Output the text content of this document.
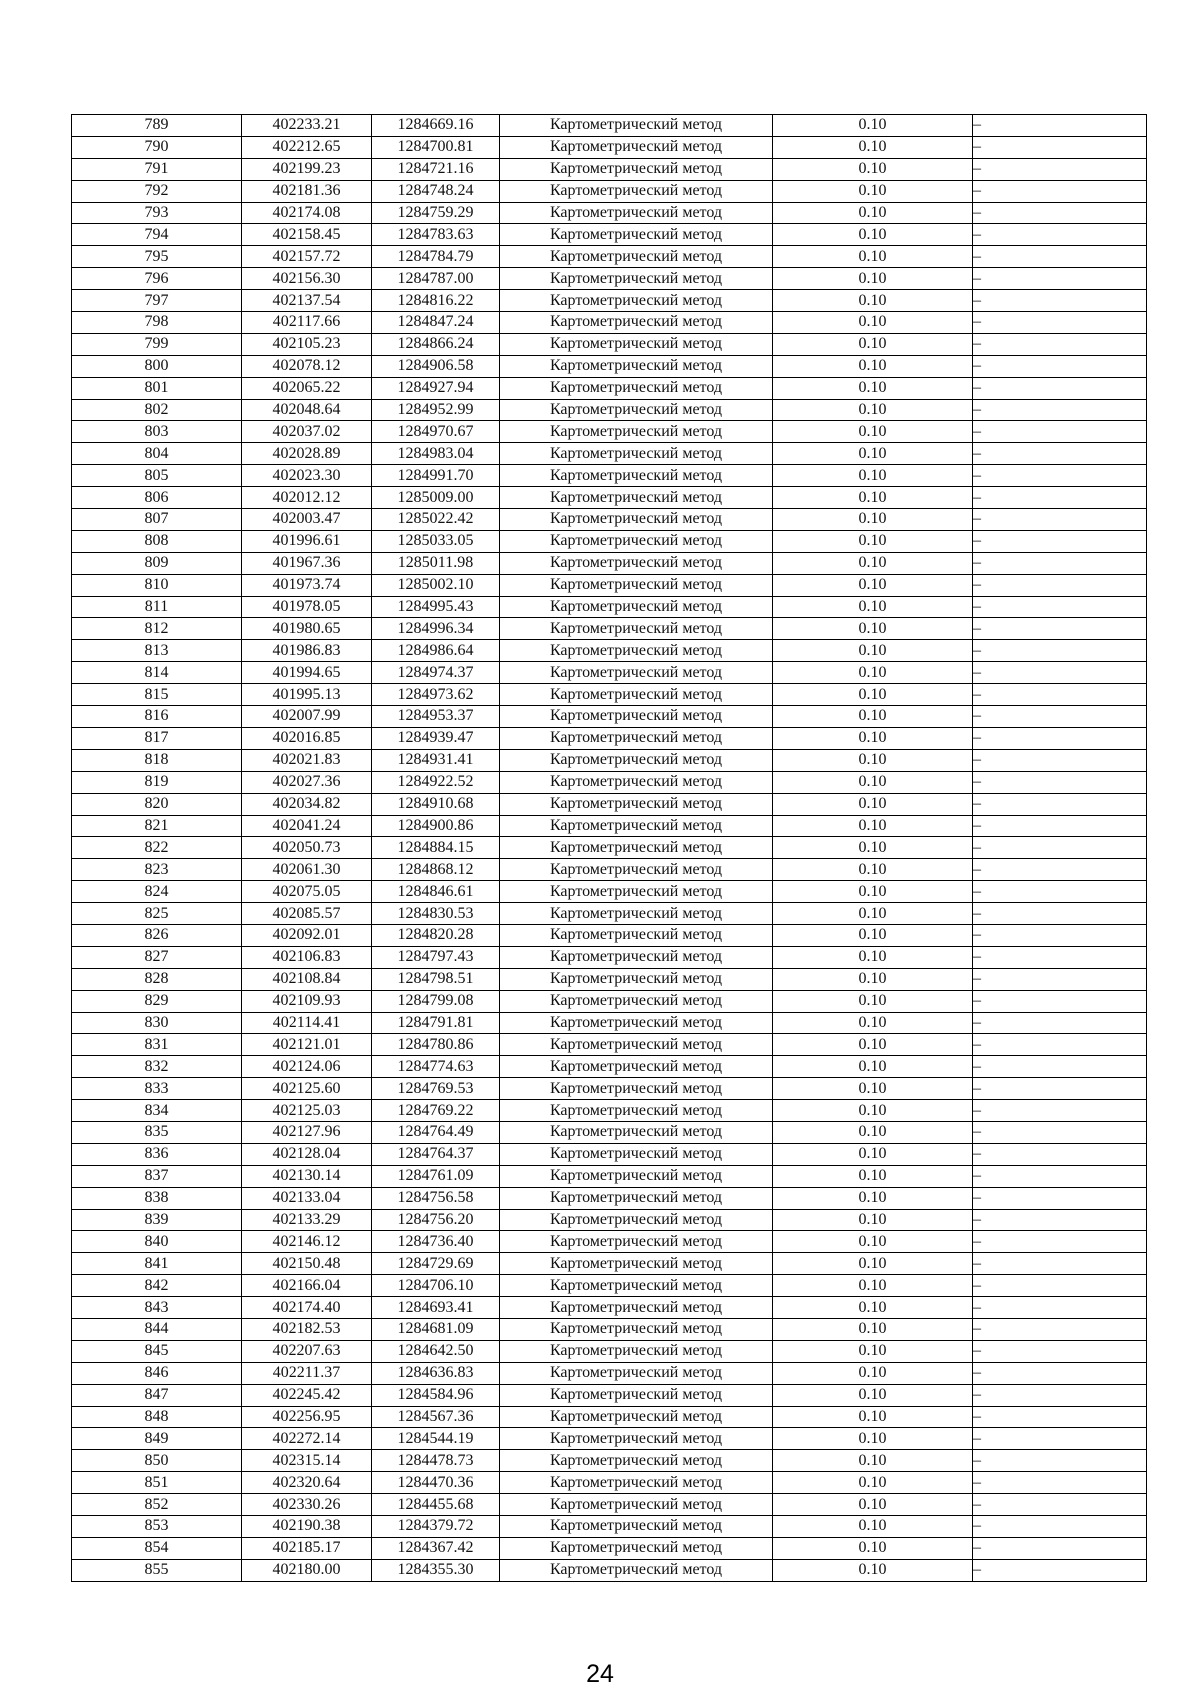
789	402233.21	1284669.16	Картометрический метод	0.10	–
790	402212.65	1284700.81	Картометрический метод	0.10	–
791	402199.23	1284721.16	Картометрический метод	0.10	–
792	402181.36	1284748.24	Картометрический метод	0.10	–
793	402174.08	1284759.29	Картометрический метод	0.10	–
794	402158.45	1284783.63	Картометрический метод	0.10	–
795	402157.72	1284784.79	Картометрический метод	0.10	–
796	402156.30	1284787.00	Картометрический метод	0.10	–
797	402137.54	1284816.22	Картометрический метод	0.10	–
798	402117.66	1284847.24	Картометрический метод	0.10	–
799	402105.23	1284866.24	Картометрический метод	0.10	–
800	402078.12	1284906.58	Картометрический метод	0.10	–
801	402065.22	1284927.94	Картометрический метод	0.10	–
802	402048.64	1284952.99	Картометрический метод	0.10	–
803	402037.02	1284970.67	Картометрический метод	0.10	–
804	402028.89	1284983.04	Картометрический метод	0.10	–
805	402023.30	1284991.70	Картометрический метод	0.10	–
806	402012.12	1285009.00	Картометрический метод	0.10	–
807	402003.47	1285022.42	Картометрический метод	0.10	–
808	401996.61	1285033.05	Картометрический метод	0.10	–
809	401967.36	1285011.98	Картометрический метод	0.10	–
810	401973.74	1285002.10	Картометрический метод	0.10	–
811	401978.05	1284995.43	Картометрический метод	0.10	–
812	401980.65	1284996.34	Картометрический метод	0.10	–
813	401986.83	1284986.64	Картометрический метод	0.10	–
814	401994.65	1284974.37	Картометрический метод	0.10	–
815	401995.13	1284973.62	Картометрический метод	0.10	–
816	402007.99	1284953.37	Картометрический метод	0.10	–
817	402016.85	1284939.47	Картометрический метод	0.10	–
818	402021.83	1284931.41	Картометрический метод	0.10	–
819	402027.36	1284922.52	Картометрический метод	0.10	–
820	402034.82	1284910.68	Картометрический метод	0.10	–
821	402041.24	1284900.86	Картометрический метод	0.10	–
822	402050.73	1284884.15	Картометрический метод	0.10	–
823	402061.30	1284868.12	Картометрический метод	0.10	–
824	402075.05	1284846.61	Картометрический метод	0.10	–
825	402085.57	1284830.53	Картометрический метод	0.10	–
826	402092.01	1284820.28	Картометрический метод	0.10	–
827	402106.83	1284797.43	Картометрический метод	0.10	–
828	402108.84	1284798.51	Картометрический метод	0.10	–
829	402109.93	1284799.08	Картометрический метод	0.10	–
830	402114.41	1284791.81	Картометрический метод	0.10	–
831	402121.01	1284780.86	Картометрический метод	0.10	–
832	402124.06	1284774.63	Картометрический метод	0.10	–
833	402125.60	1284769.53	Картометрический метод	0.10	–
834	402125.03	1284769.22	Картометрический метод	0.10	–
835	402127.96	1284764.49	Картометрический метод	0.10	–
836	402128.04	1284764.37	Картометрический метод	0.10	–
837	402130.14	1284761.09	Картометрический метод	0.10	–
838	402133.04	1284756.58	Картометрический метод	0.10	–
839	402133.29	1284756.20	Картометрический метод	0.10	–
840	402146.12	1284736.40	Картометрический метод	0.10	–
841	402150.48	1284729.69	Картометрический метод	0.10	–
842	402166.04	1284706.10	Картометрический метод	0.10	–
843	402174.40	1284693.41	Картометрический метод	0.10	–
844	402182.53	1284681.09	Картометрический метод	0.10	–
845	402207.63	1284642.50	Картометрический метод	0.10	–
846	402211.37	1284636.83	Картометрический метод	0.10	–
847	402245.42	1284584.96	Картометрический метод	0.10	–
848	402256.95	1284567.36	Картометрический метод	0.10	–
849	402272.14	1284544.19	Картометрический метод	0.10	–
850	402315.14	1284478.73	Картометрический метод	0.10	–
851	402320.64	1284470.36	Картометрический метод	0.10	–
852	402330.26	1284455.68	Картометрический метод	0.10	–
853	402190.38	1284379.72	Картометрический метод	0.10	–
854	402185.17	1284367.42	Картометрический метод	0.10	–
855	402180.00	1284355.30	Картометрический метод	0.10	–
24
